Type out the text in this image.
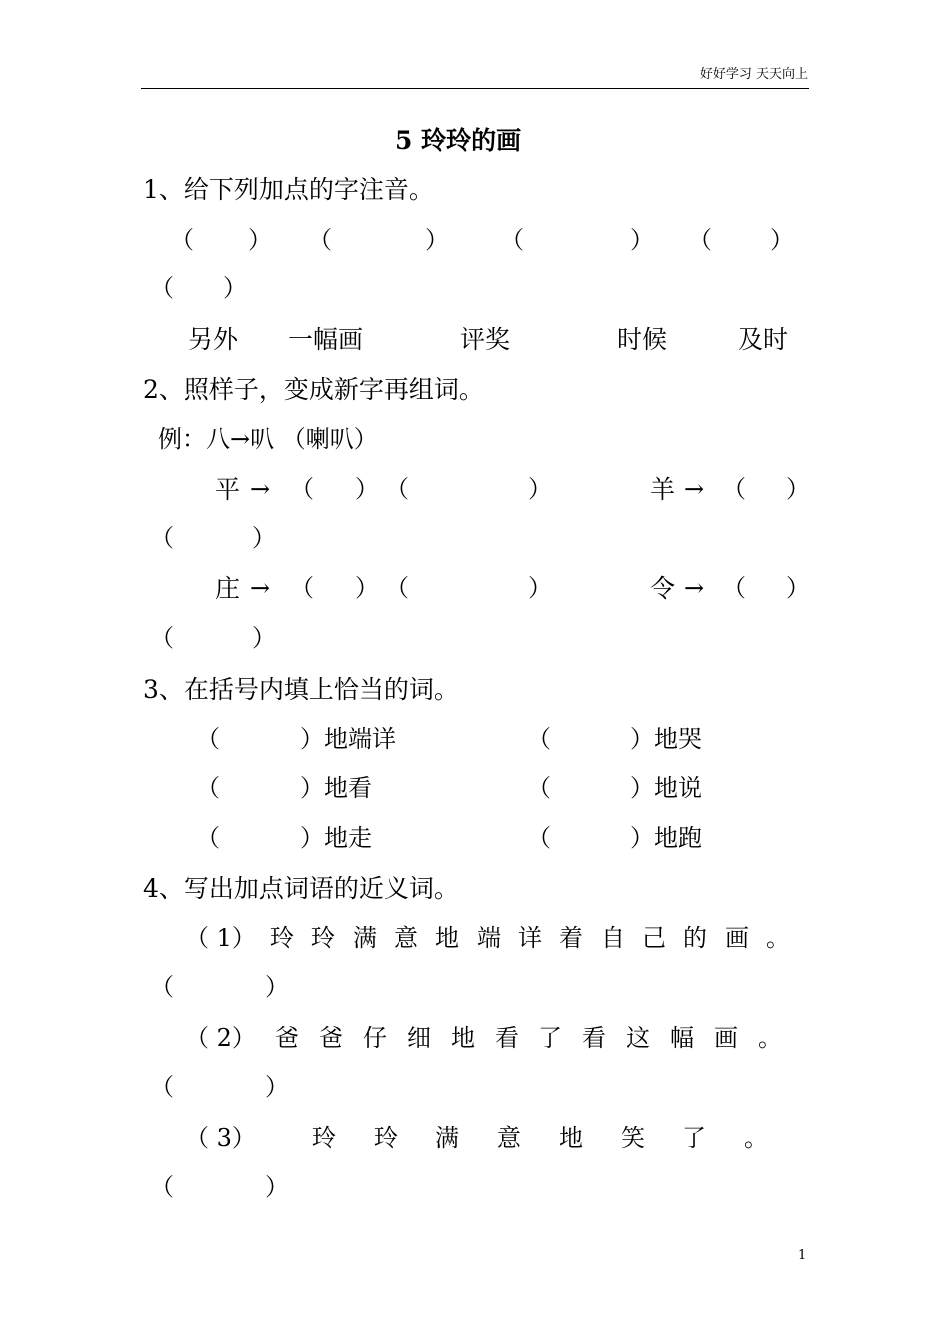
好好学习 天天向上
5 玲玲的画
1、给下列加点的字注音。
（ ） （	） （	） （ ）
（ ）
另外 一幅画	评奖	时候	及时
2、照样子，变成新字再组词。
例：八→叭 （喇叭）
平 → （ ） （	）	羊 → （ ）
（	）
庄 → （ ） （	）	令 → （ ）
（	）
3、在括号内填上恰当的词。
（	）地端详	（	）地哭
（	）地看	（	）地说
（	）地走	（	）地跑
4、写出加点词语的近义词。
（ 1） 玲 玲 满 意 地 端 详 着 自 己 的 画 。
（	）
（ 2） 爸 爸 仔 细 地 看 了 看 这 幅 画 。
（	）
（ 3） 玲 玲 满 意 地 笑 了 。
（	）
1
